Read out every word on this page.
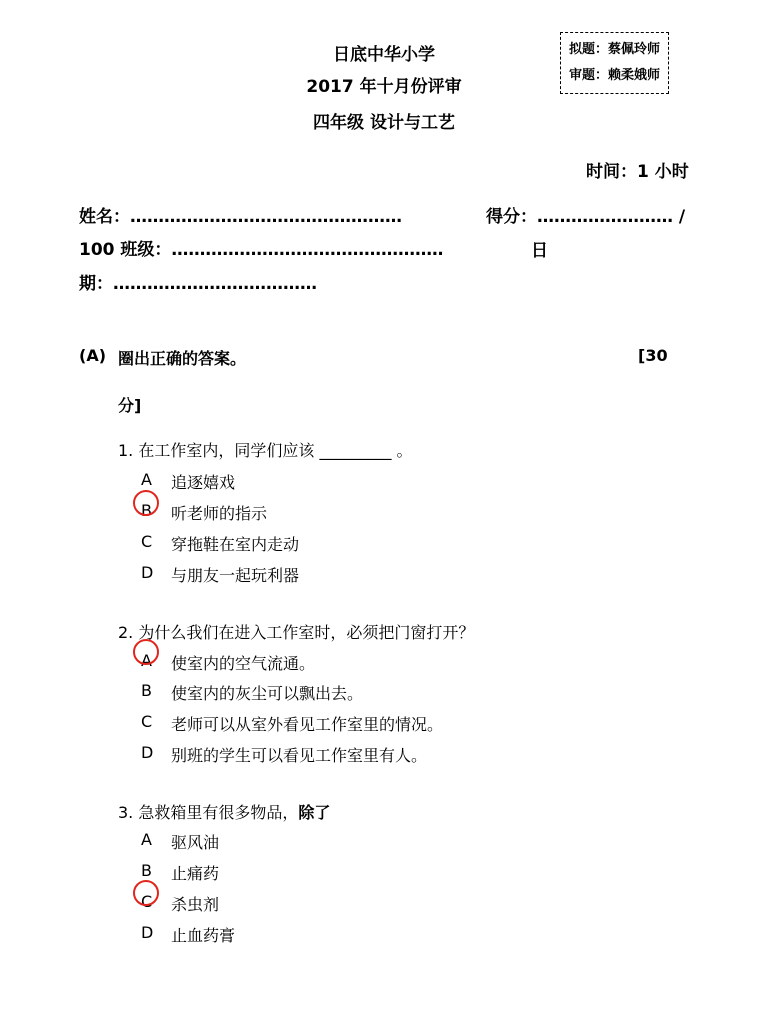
日底中华小学
2017 年十月份评审
四年级 设计与工艺
拟题：蔡佩玲师
审题：赖柔娥师
时间：1 小时
姓名：…………………………………………	得分：…………………… /
100 班级：…………………………………………	日
期：………………………………
(A) 圈出正确的答案。	[30
分]
1. 在工作室内，同学们应该 _________ 。
A 追逐嬉戏
B 听老师的指示
C 穿拖鞋在室内走动
D 与朋友一起玩利器
2. 为什么我们在进入工作室时，必须把门窗打开？
A 使室内的空气流通。
B 使室内的灰尘可以飘出去。
C 老师可以从室外看见工作室里的情况。
D 别班的学生可以看见工作室里有人。
3. 急救箱里有很多物品，除了
A 驱风油
B 止痛药
C 杀虫剂
D 止血药膏
